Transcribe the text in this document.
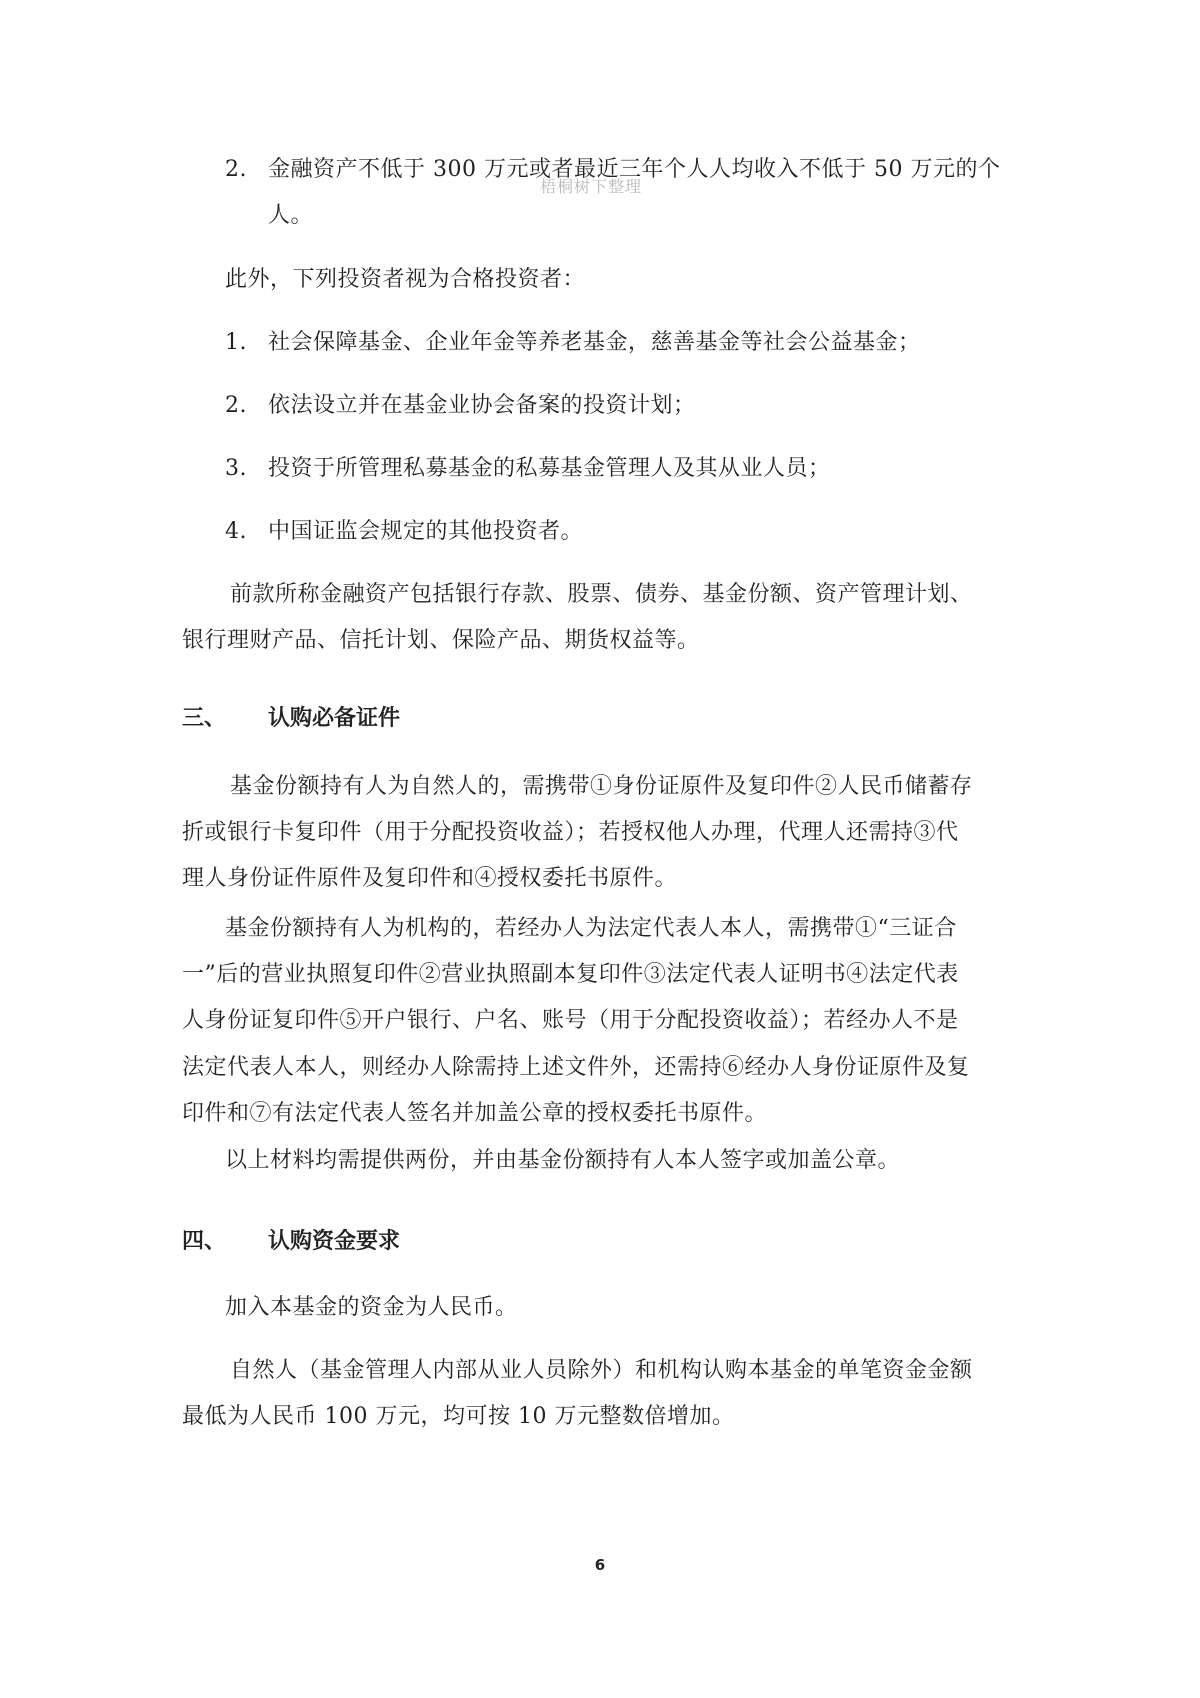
梧桐树下整理
2. 金融资产不低于 300 万元或者最近三年个人人均收入不低于 50 万元的个
人。
此外，下列投资者视为合格投资者：
1. 社会保障基金、企业年金等养老基金，慈善基金等社会公益基金；
2. 依法设立并在基金业协会备案的投资计划；
3. 投资于所管理私募基金的私募基金管理人及其从业人员；
4. 中国证监会规定的其他投资者。
前款所称金融资产包括银行存款、股票、债券、基金份额、资产管理计划、
银行理财产品、信托计划、保险产品、期货权益等。
三、 认购必备证件
基金份额持有人为自然人的，需携带①身份证原件及复印件②人民币储蓄存
折或银行卡复印件（用于分配投资收益）；若授权他人办理，代理人还需持③代
理人身份证件原件及复印件和④授权委托书原件。
基金份额持有人为机构的，若经办人为法定代表人本人，需携带①“三证合
一”后的营业执照复印件②营业执照副本复印件③法定代表人证明书④法定代表
人身份证复印件⑤开户银行、户名、账号（用于分配投资收益）；若经办人不是
法定代表人本人，则经办人除需持上述文件外，还需持⑥经办人身份证原件及复
印件和⑦有法定代表人签名并加盖公章的授权委托书原件。
以上材料均需提供两份，并由基金份额持有人本人签字或加盖公章。
四、 认购资金要求
加入本基金的资金为人民币。
自然人（基金管理人内部从业人员除外）和机构认购本基金的单笔资金金额
最低为人民币 100 万元，均可按 10 万元整数倍增加。
6
